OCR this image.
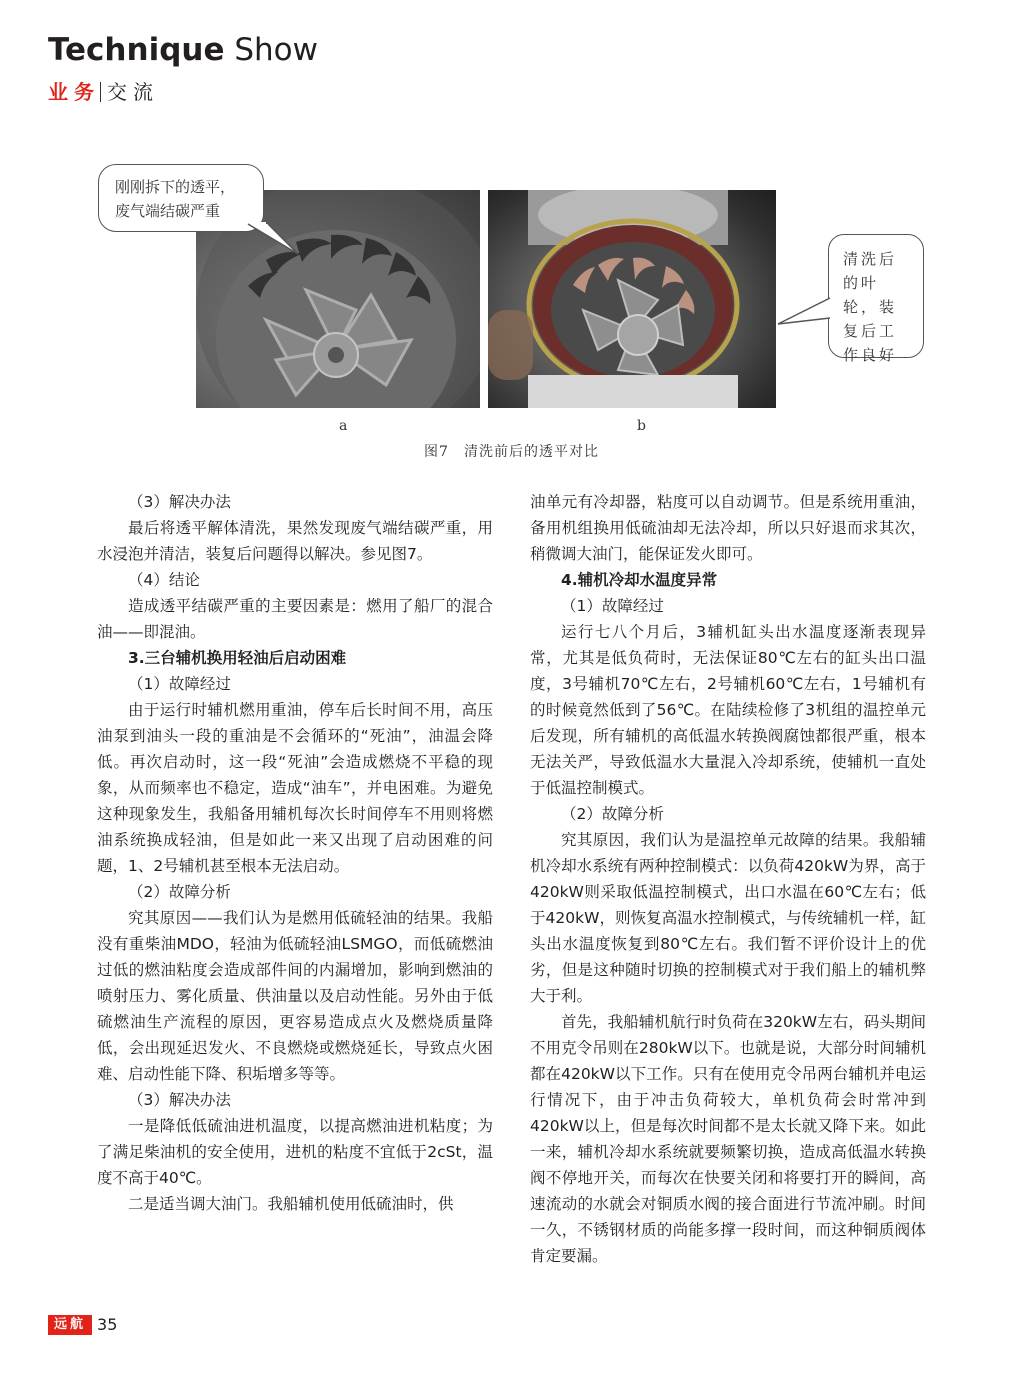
Technique Show
业务 交流
刚刚拆下的透平，
废气端结碳严重
清洗后的叶轮，装复后工作良好
a	b
图7　清洗前后的透平对比

（3）解决办法

最后将透平解体清洗，果然发现废气端结碳严重，用水浸泡并清洁，装复后问题得以解决。参见图7。

（4）结论

造成透平结碳严重的主要因素是：燃用了船厂的混合油——即混油。

3.三台辅机换用轻油后启动困难

（1）故障经过

由于运行时辅机燃用重油，停车后长时间不用，高压油泵到油头一段的重油是不会循环的“死油”，油温会降低。再次启动时，这一段“死油”会造成燃烧不平稳的现象，从而频率也不稳定，造成“油车”，并电困难。为避免这种现象发生，我船备用辅机每次长时间停车不用则将燃油系统换成轻油，但是如此一来又出现了启动困难的问题，1、2号辅机甚至根本无法启动。

（2）故障分析

究其原因——我们认为是燃用低硫轻油的结果。我船没有重柴油MDO，轻油为低硫轻油LSMGO，而低硫燃油过低的燃油粘度会造成部件间的内漏增加，影响到燃油的喷射压力、雾化质量、供油量以及启动性能。另外由于低硫燃油生产流程的原因，更容易造成点火及燃烧质量降低，会出现延迟发火、不良燃烧或燃烧延长，导致点火困难、启动性能下降、积垢增多等等。

（3）解决办法

一是降低低硫油进机温度，以提高燃油进机粘度；为了满足柴油机的安全使用，进机的粘度不宜低于2cSt，温度不高于40℃。

二是适当调大油门。我船辅机使用低硫油时，供

油单元有冷却器，粘度可以自动调节。但是系统用重油，备用机组换用低硫油却无法冷却，所以只好退而求其次，稍微调大油门，能保证发火即可。

4.辅机冷却水温度异常

（1）故障经过

运行七八个月后，3辅机缸头出水温度逐渐表现异常，尤其是低负荷时，无法保证80℃左右的缸头出口温度，3号辅机70℃左右，2号辅机60℃左右，1号辅机有的时候竟然低到了56℃。在陆续检修了3机组的温控单元后发现，所有辅机的高低温水转换阀腐蚀都很严重，根本无法关严，导致低温水大量混入冷却系统，使辅机一直处于低温控制模式。

（2）故障分析

究其原因，我们认为是温控单元故障的结果。我船辅机冷却水系统有两种控制模式：以负荷420kW为界，高于420kW则采取低温控制模式，出口水温在60℃左右；低于420kW，则恢复高温水控制模式，与传统辅机一样，缸头出水温度恢复到80℃左右。我们暂不评价设计上的优劣，但是这种随时切换的控制模式对于我们船上的辅机弊大于利。

首先，我船辅机航行时负荷在320kW左右，码头期间不用克令吊则在280kW以下。也就是说，大部分时间辅机都在420kW以下工作。只有在使用克令吊两台辅机并电运行情况下，由于冲击负荷较大，单机负荷会时常冲到420kW以上，但是每次时间都不是太长就又降下来。如此一来，辅机冷却水系统就要频繁切换，造成高低温水转换阀不停地开关，而每次在快要关闭和将要打开的瞬间，高速流动的水就会对铜质水阀的接合面进行节流冲刷。时间一久，不锈钢材质的尚能多撑一段时间，而这种铜质阀体肯定要漏。

远航 35
